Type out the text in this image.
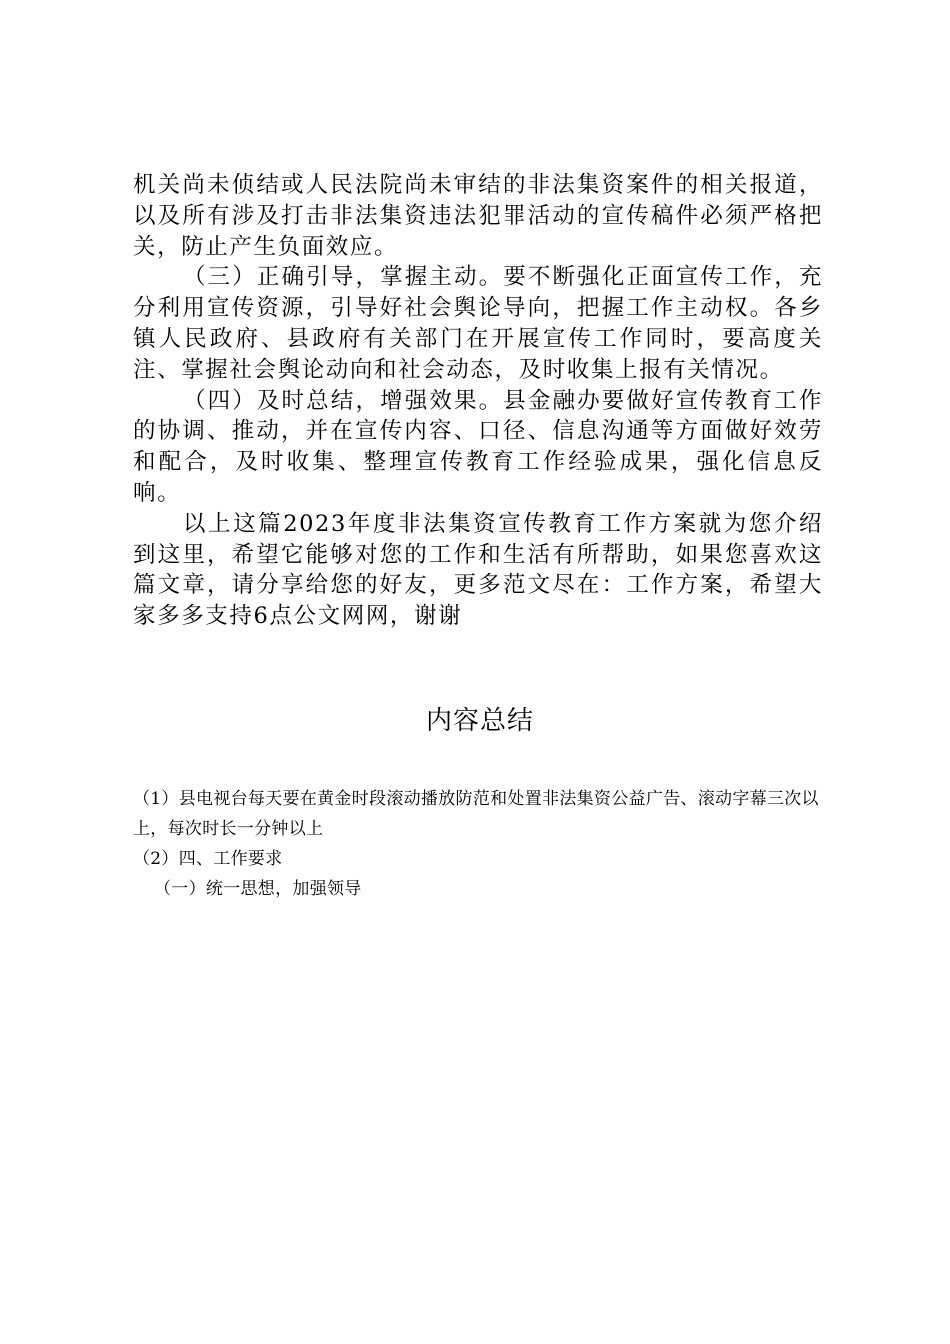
机关尚未侦结或人民法院尚未审结的非法集资案件的相关报道，以及所有涉及打击非法集资违法犯罪活动的宣传稿件必须严格把关，防止产生负面效应。

（三）正确引导，掌握主动。要不断强化正面宣传工作，充分利用宣传资源，引导好社会舆论导向，把握工作主动权。各乡镇人民政府、县政府有关部门在开展宣传工作同时，要高度关注、掌握社会舆论动向和社会动态，及时收集上报有关情况。

（四）及时总结，增强效果。县金融办要做好宣传教育工作的协调、推动，并在宣传内容、口径、信息沟通等方面做好效劳和配合，及时收集、整理宣传教育工作经验成果，强化信息反响。

以上这篇2023年度非法集资宣传教育工作方案就为您介绍到这里，希望它能够对您的工作和生活有所帮助，如果您喜欢这篇文章，请分享给您的好友，更多范文尽在：工作方案，希望大家多多支持6点公文网网，谢谢

内容总结

（1）县电视台每天要在黄金时段滚动播放防范和处置非法集资公益广告、滚动字幕三次以上，每次时长一分钟以上

（2）四、工作要求

（一）统一思想，加强领导
